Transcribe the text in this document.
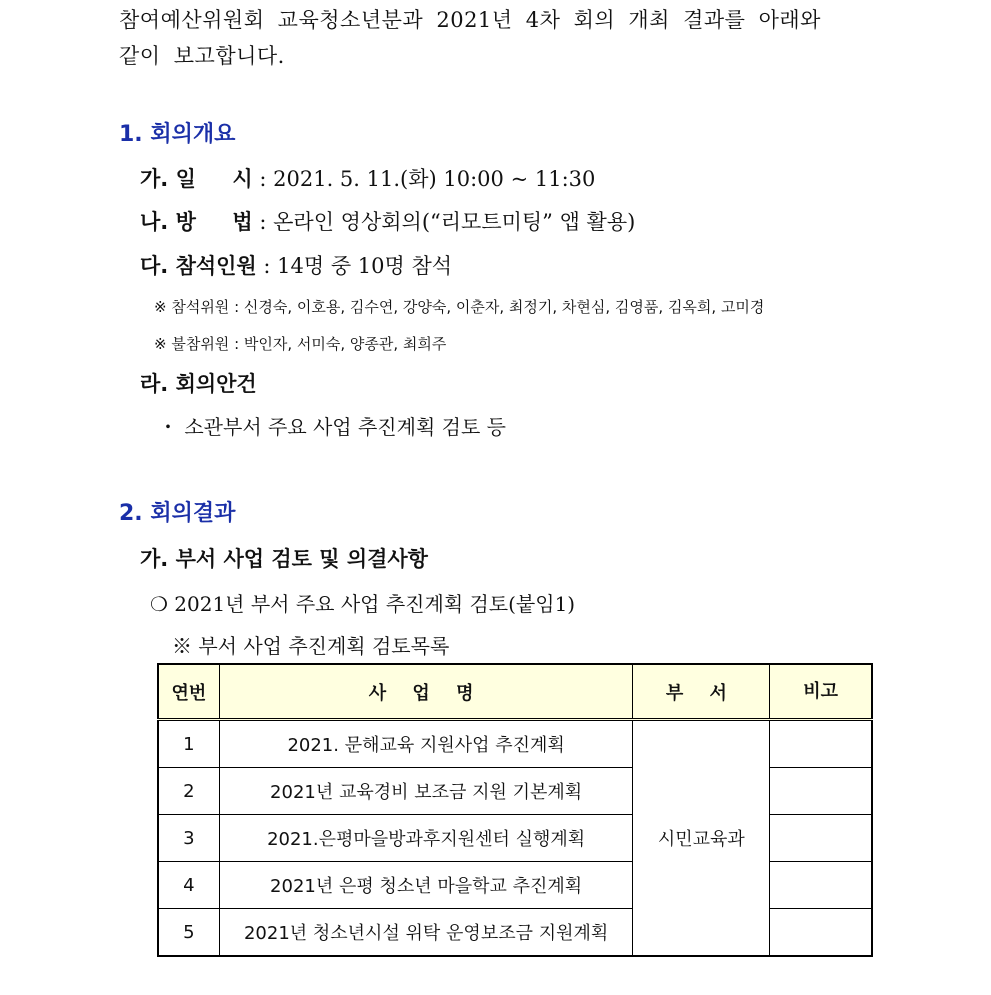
참여예산위원회 교육청소년분과 2021년 4차 회의 개최 결과를 아래와
같이 보고합니다.
1. 회의개요
가. 일     시 : 2021. 5. 11.(화) 10:00 ~ 11:30
나. 방     법 : 온라인 영상회의(“리모트미팅” 앱 활용)
다. 참석인원 : 14명 중 10명 참석
※ 참석위원 : 신경숙, 이호용, 김수연, 강양숙, 이춘자, 최정기, 차현심, 김영품, 김옥희, 고미경
※ 불참위원 : 박인자, 서미숙, 양종관, 최희주
라. 회의안건
・ 소관부서 주요 사업 추진계획 검토 등
2. 회의결과
가. 부서 사업 검토 및 의결사항
❍ 2021년 부서 주요 사업 추진계획 검토(붙임1)
※ 부서 사업 추진계획 검토목록
연번	사 업 명	부 서	비고
1	2021. 문해교육 지원사업 추진계획	시민교육과	
2	2021년 교육경비 보조금 지원 기본계획		
3	2021.은평마을방과후지원센터 실행계획		
4	2021년 은평 청소년 마을학교 추진계획		
5	2021년 청소년시설 위탁 운영보조금 지원계획		
